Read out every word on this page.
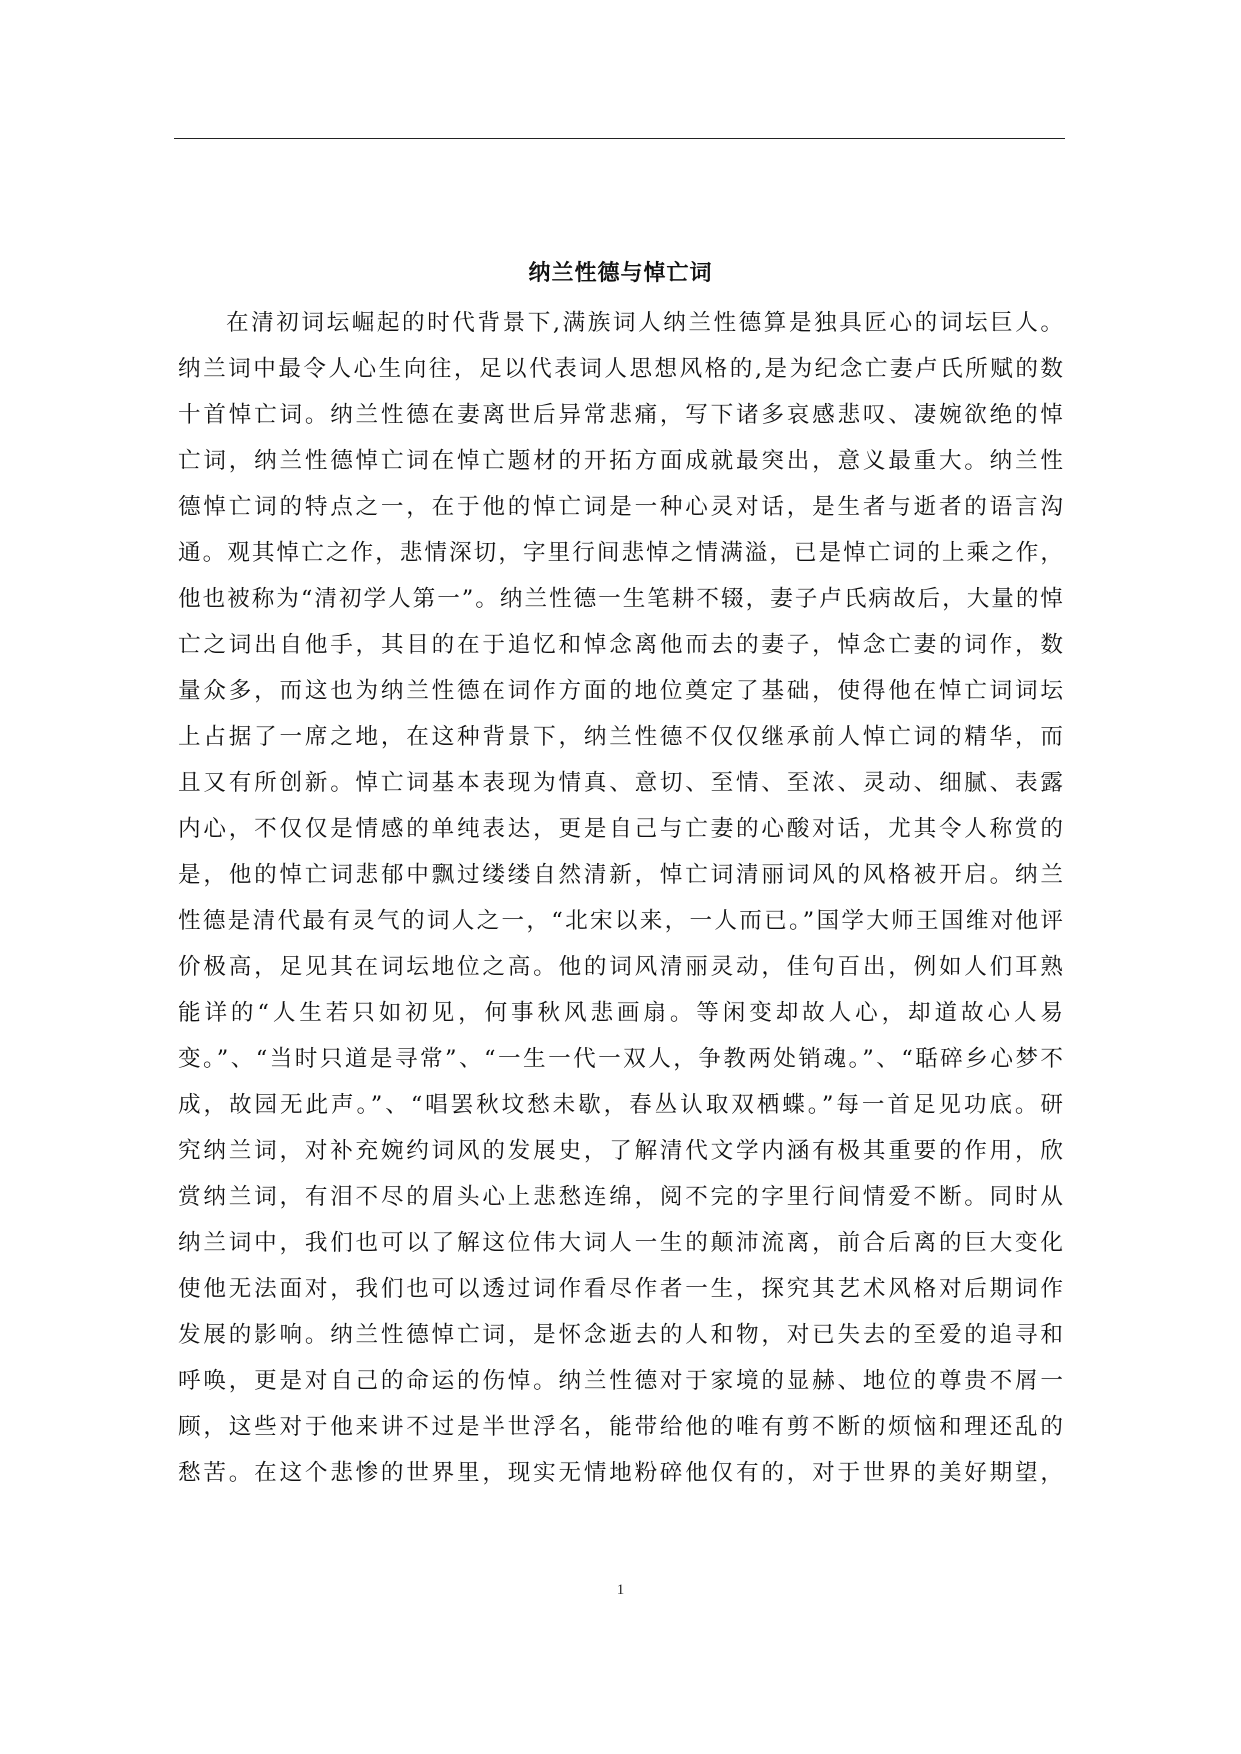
纳兰性德与悼亡词
在清初词坛崛起的时代背景下,满族词人纳兰性德算是独具匠心的词坛巨人。
纳兰词中最令人心生向往，足以代表词人思想风格的,是为纪念亡妻卢氏所赋的数
十首悼亡词。纳兰性德在妻离世后异常悲痛，写下诸多哀感悲叹、凄婉欲绝的悼
亡词，纳兰性德悼亡词在悼亡题材的开拓方面成就最突出，意义最重大。纳兰性
德悼亡词的特点之一，在于他的悼亡词是一种心灵对话，是生者与逝者的语言沟
通。观其悼亡之作，悲情深切，字里行间悲悼之情满溢，已是悼亡词的上乘之作，
他也被称为“清初学人第一”。纳兰性德一生笔耕不辍，妻子卢氏病故后，大量的悼
亡之词出自他手，其目的在于追忆和悼念离他而去的妻子，悼念亡妻的词作，数
量众多，而这也为纳兰性德在词作方面的地位奠定了基础，使得他在悼亡词词坛
上占据了一席之地，在这种背景下，纳兰性德不仅仅继承前人悼亡词的精华，而
且又有所创新。悼亡词基本表现为情真、意切、至情、至浓、灵动、细腻、表露
内心，不仅仅是情感的单纯表达，更是自己与亡妻的心酸对话，尤其令人称赏的
是，他的悼亡词悲郁中飘过缕缕自然清新，悼亡词清丽词风的风格被开启。纳兰
性德是清代最有灵气的词人之一，“北宋以来，一人而已。”国学大师王国维对他评
价极高，足见其在词坛地位之高。他的词风清丽灵动，佳句百出，例如人们耳熟
能详的“人生若只如初见，何事秋风悲画扇。等闲变却故人心，却道故心人易
变。”、“当时只道是寻常”、“一生一代一双人，争教两处销魂。”、“聒碎乡心梦不
成，故园无此声。”、“唱罢秋坟愁未歇，春丛认取双栖蝶。”每一首足见功底。研
究纳兰词，对补充婉约词风的发展史，了解清代文学内涵有极其重要的作用，欣
赏纳兰词，有泪不尽的眉头心上悲愁连绵，阅不完的字里行间情爱不断。同时从
纳兰词中，我们也可以了解这位伟大词人一生的颠沛流离，前合后离的巨大变化
使他无法面对，我们也可以透过词作看尽作者一生，探究其艺术风格对后期词作
发展的影响。纳兰性德悼亡词，是怀念逝去的人和物，对已失去的至爱的追寻和
呼唤，更是对自己的命运的伤悼。纳兰性德对于家境的显赫、地位的尊贵不屑一
顾，这些对于他来讲不过是半世浮名，能带给他的唯有剪不断的烦恼和理还乱的
愁苦。在这个悲惨的世界里，现实无情地粉碎他仅有的，对于世界的美好期望，
1
